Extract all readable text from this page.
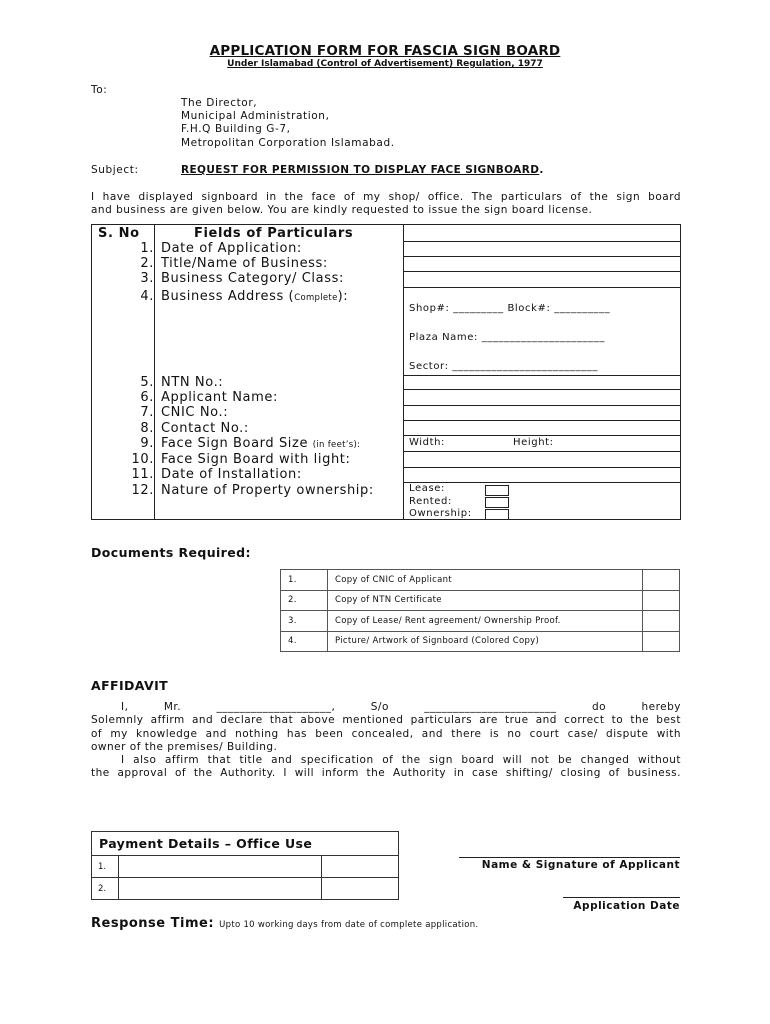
APPLICATION FORM FOR FASCIA SIGN BOARD
Under Islamabad (Control of Advertisement) Regulation, 1977
To:
The Director,
Municipal Administration,
F.H.Q Building G-7,
Metropolitan Corporation Islamabad.
Subject:	REQUEST FOR PERMISSION TO DISPLAY FACE SIGNBOARD.
I have displayed signboard in the face of my shop/ office. The particulars of the sign board
and business are given below. You are kindly requested to issue the sign board license.
S. No	Fields of Particulars
1. Date of Application:
2. Title/Name of Business:
3. Business Category/ Class:
4. Business Address (Complete):
Shop#: _________ Block#: __________
Plaza Name: ______________________
Sector: __________________________
5. NTN No.:
6. Applicant Name:
7. CNIC No.:
8. Contact No.:
9. Face Sign Board Size (in feet’s):	Width:	Height:
10. Face Sign Board with light:
11. Date of Installation:
12. Nature of Property ownership:	Lease:
Rented:
Ownership:
Documents Required:
1.	Copy of CNIC of Applicant	
2.	Copy of NTN Certificate	
3.	Copy of Lease/ Rent agreement/ Ownership Proof.	
4.	Picture/ Artwork of Signboard (Colored Copy)	
AFFIDAVIT
I, Mr. ____________________, S/o _______________________ do hereby
Solemnly affirm and declare that above mentioned particulars are true and correct to the best
of my knowledge and nothing has been concealed, and there is no court case/ dispute with
owner of the premises/ Building.
I also affirm that title and specification of the sign board will not be changed without
the approval of the Authority. I will inform the Authority in case shifting/ closing of business.
Payment Details – Office Use		
1.		
2.		
Name & Signature of Applicant
Application Date
Response Time: Upto 10 working days from date of complete application.
